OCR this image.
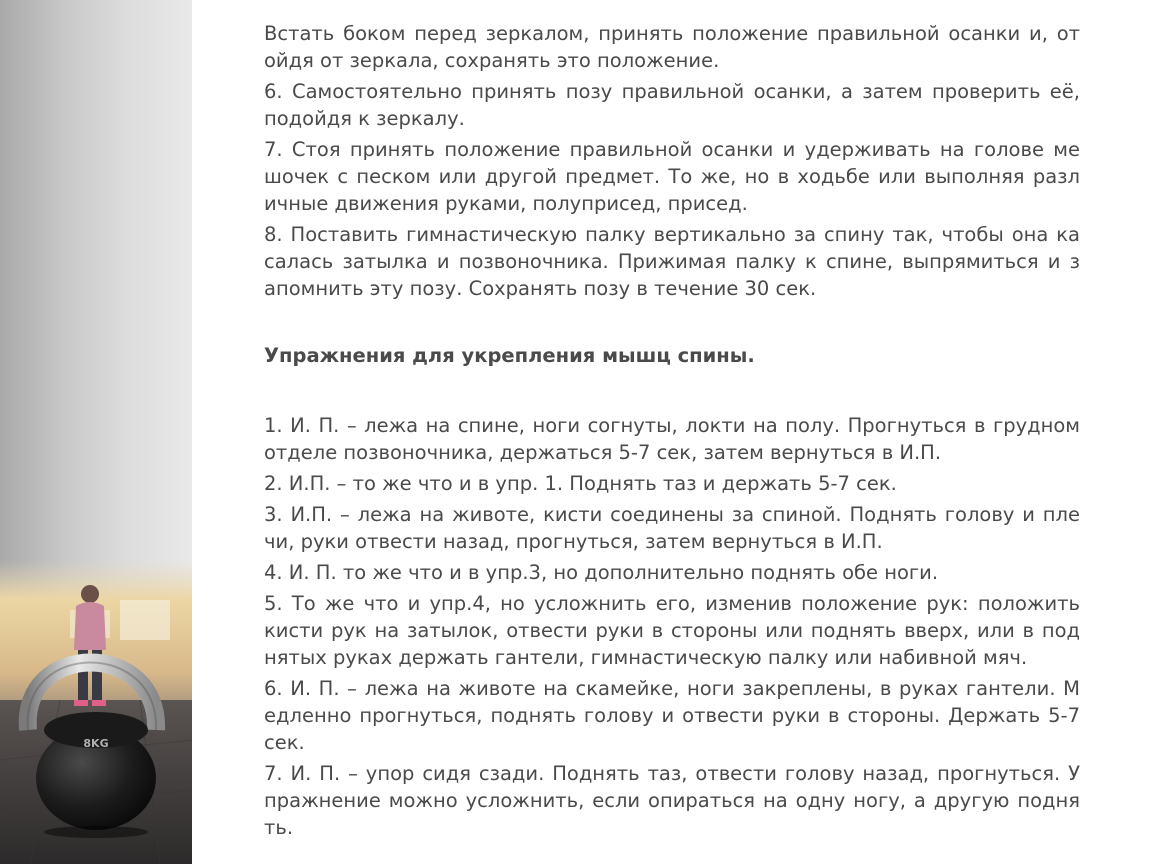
8KG

Встать боком перед зеркалом, принять положение правильной осанки и, от ойдя от зеркала, сохранять это положение.

6. Самостоятельно принять позу правильной осанки, а затем проверить её, подойдя к зеркалу.

7. Стоя принять положение правильной осанки и удерживать на голове ме шочек с песком или другой предмет. То же, но в ходьбе или выполняя разл ичные движения руками, полуприсед, присед.

8. Поставить гимнастическую палку вертикально за спину так, чтобы она ка салась затылка и позвоночника. Прижимая палку к спине, выпрямиться и з апомнить эту позу. Сохранять позу в течение 30 сек.

Упражнения для укрепления мышц спины.

1. И. П. – лежа на спине, ноги согнуты, локти на полу. Прогнуться в грудном отделе позвоночника, держаться 5-7 сек, затем вернуться в И.П.

2. И.П. – то же что и в упр. 1. Поднять таз и держать 5-7 сек.

3. И.П. – лежа на животе, кисти соединены за спиной. Поднять голову и пле чи, руки отвести назад, прогнуться, затем вернуться в И.П.

4. И. П. то же что и в упр.3, но дополнительно поднять обе ноги.

5. То же что и упр.4, но усложнить его, изменив положение рук: положить кисти рук на затылок, отвести руки в стороны или поднять вверх, или в под нятых руках держать гантели, гимнастическую палку или набивной мяч.

6. И. П. – лежа на животе на скамейке, ноги закреплены, в руках гантели. М едленно прогнуться, поднять голову и отвести руки в стороны. Держать 5-7 сек.

7. И. П. – упор сидя сзади. Поднять таз, отвести голову назад, прогнуться. У пражнение можно усложнить, если опираться на одну ногу, а другую подня ть.
